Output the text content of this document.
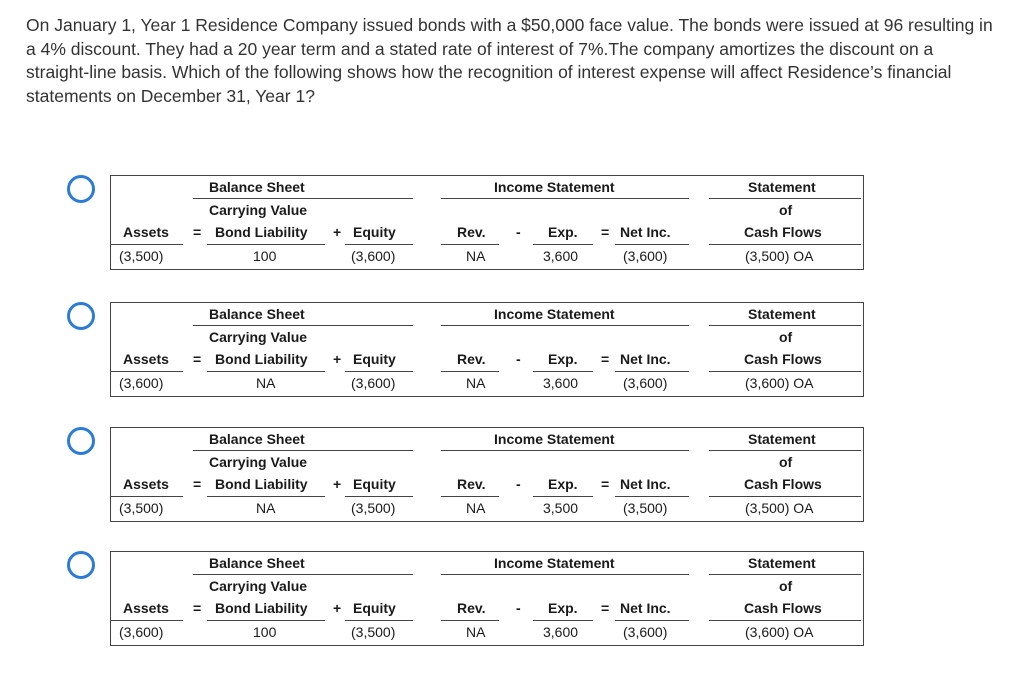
On January 1, Year 1 Residence Company issued bonds with a $50,000 face value. The bonds were issued at 96 resulting in a 4% discount. They had a 20 year term and a stated rate of interest of 7%.The company amortizes the discount on a straight-line basis. Which of the following shows how the recognition of interest expense will affect Residence’s financial statements on December 31, Year 1?
Balance Sheet	Income Statement	Statement
Carrying Value	of
Assets = Bond Liability + Equity	Rev. - Exp. = Net Inc.	Cash Flows
(3,500)	100	(3,600)	NA	3,600	(3,600)	(3,500) OA
Balance Sheet	Income Statement	Statement
Carrying Value	of
Assets = Bond Liability + Equity	Rev. - Exp. = Net Inc.	Cash Flows
(3,600)	NA	(3,600)	NA	3,600	(3,600)	(3,600) OA
Balance Sheet	Income Statement	Statement
Carrying Value	of
Assets = Bond Liability + Equity	Rev. - Exp. = Net Inc.	Cash Flows
(3,500)	NA	(3,500)	NA	3,500	(3,500)	(3,500) OA
Balance Sheet	Income Statement	Statement
Carrying Value	of
Assets = Bond Liability + Equity	Rev. - Exp. = Net Inc.	Cash Flows
(3,600)	100	(3,500)	NA	3,600	(3,600)	(3,600) OA
